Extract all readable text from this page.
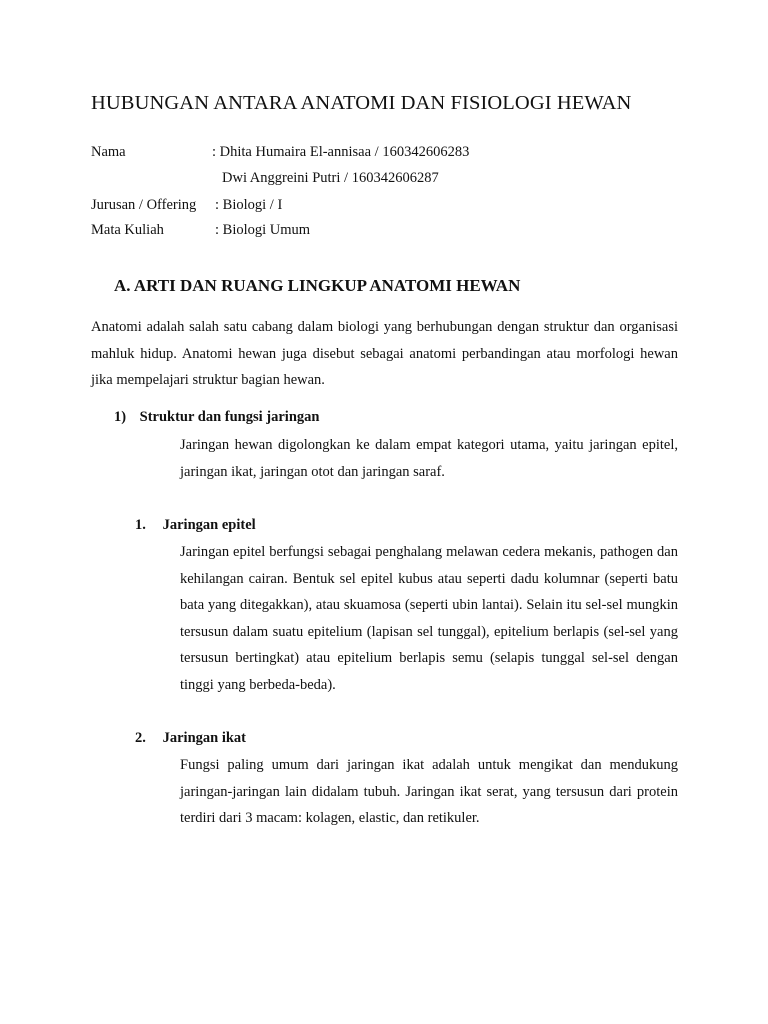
HUBUNGAN ANTARA ANATOMI DAN FISIOLOGI HEWAN
Nama	: Dhita Humaira El-annisaa / 160342606283
Dwi Anggreini Putri / 160342606287
Jurusan / Offering : Biologi / I
Mata Kuliah	: Biologi Umum
A. ARTI DAN RUANG LINGKUP ANATOMI HEWAN

Anatomi adalah salah satu cabang dalam biologi yang berhubungan dengan struktur dan organisasi mahluk hidup. Anatomi hewan juga disebut sebagai anatomi perbandingan atau morfologi hewan jika mempelajari struktur bagian hewan.

1) Struktur dan fungsi jaringan

Jaringan hewan digolongkan ke dalam empat kategori utama, yaitu jaringan epitel, jaringan ikat, jaringan otot dan jaringan saraf.

1. Jaringan epitel

Jaringan epitel berfungsi sebagai penghalang melawan cedera mekanis, pathogen dan kehilangan cairan. Bentuk sel epitel kubus atau seperti dadu kolumnar (seperti batu bata yang ditegakkan), atau skuamosa (seperti ubin lantai). Selain itu sel-sel mungkin tersusun dalam suatu epitelium (lapisan sel tunggal), epitelium berlapis (sel-sel yang tersusun bertingkat) atau epitelium berlapis semu (selapis tunggal sel-sel dengan tinggi yang berbeda-beda).

2. Jaringan ikat

Fungsi paling umum dari jaringan ikat adalah untuk mengikat dan mendukung jaringan-jaringan lain didalam tubuh. Jaringan ikat serat, yang tersusun dari protein terdiri dari 3 macam: kolagen, elastic, dan retikuler.
